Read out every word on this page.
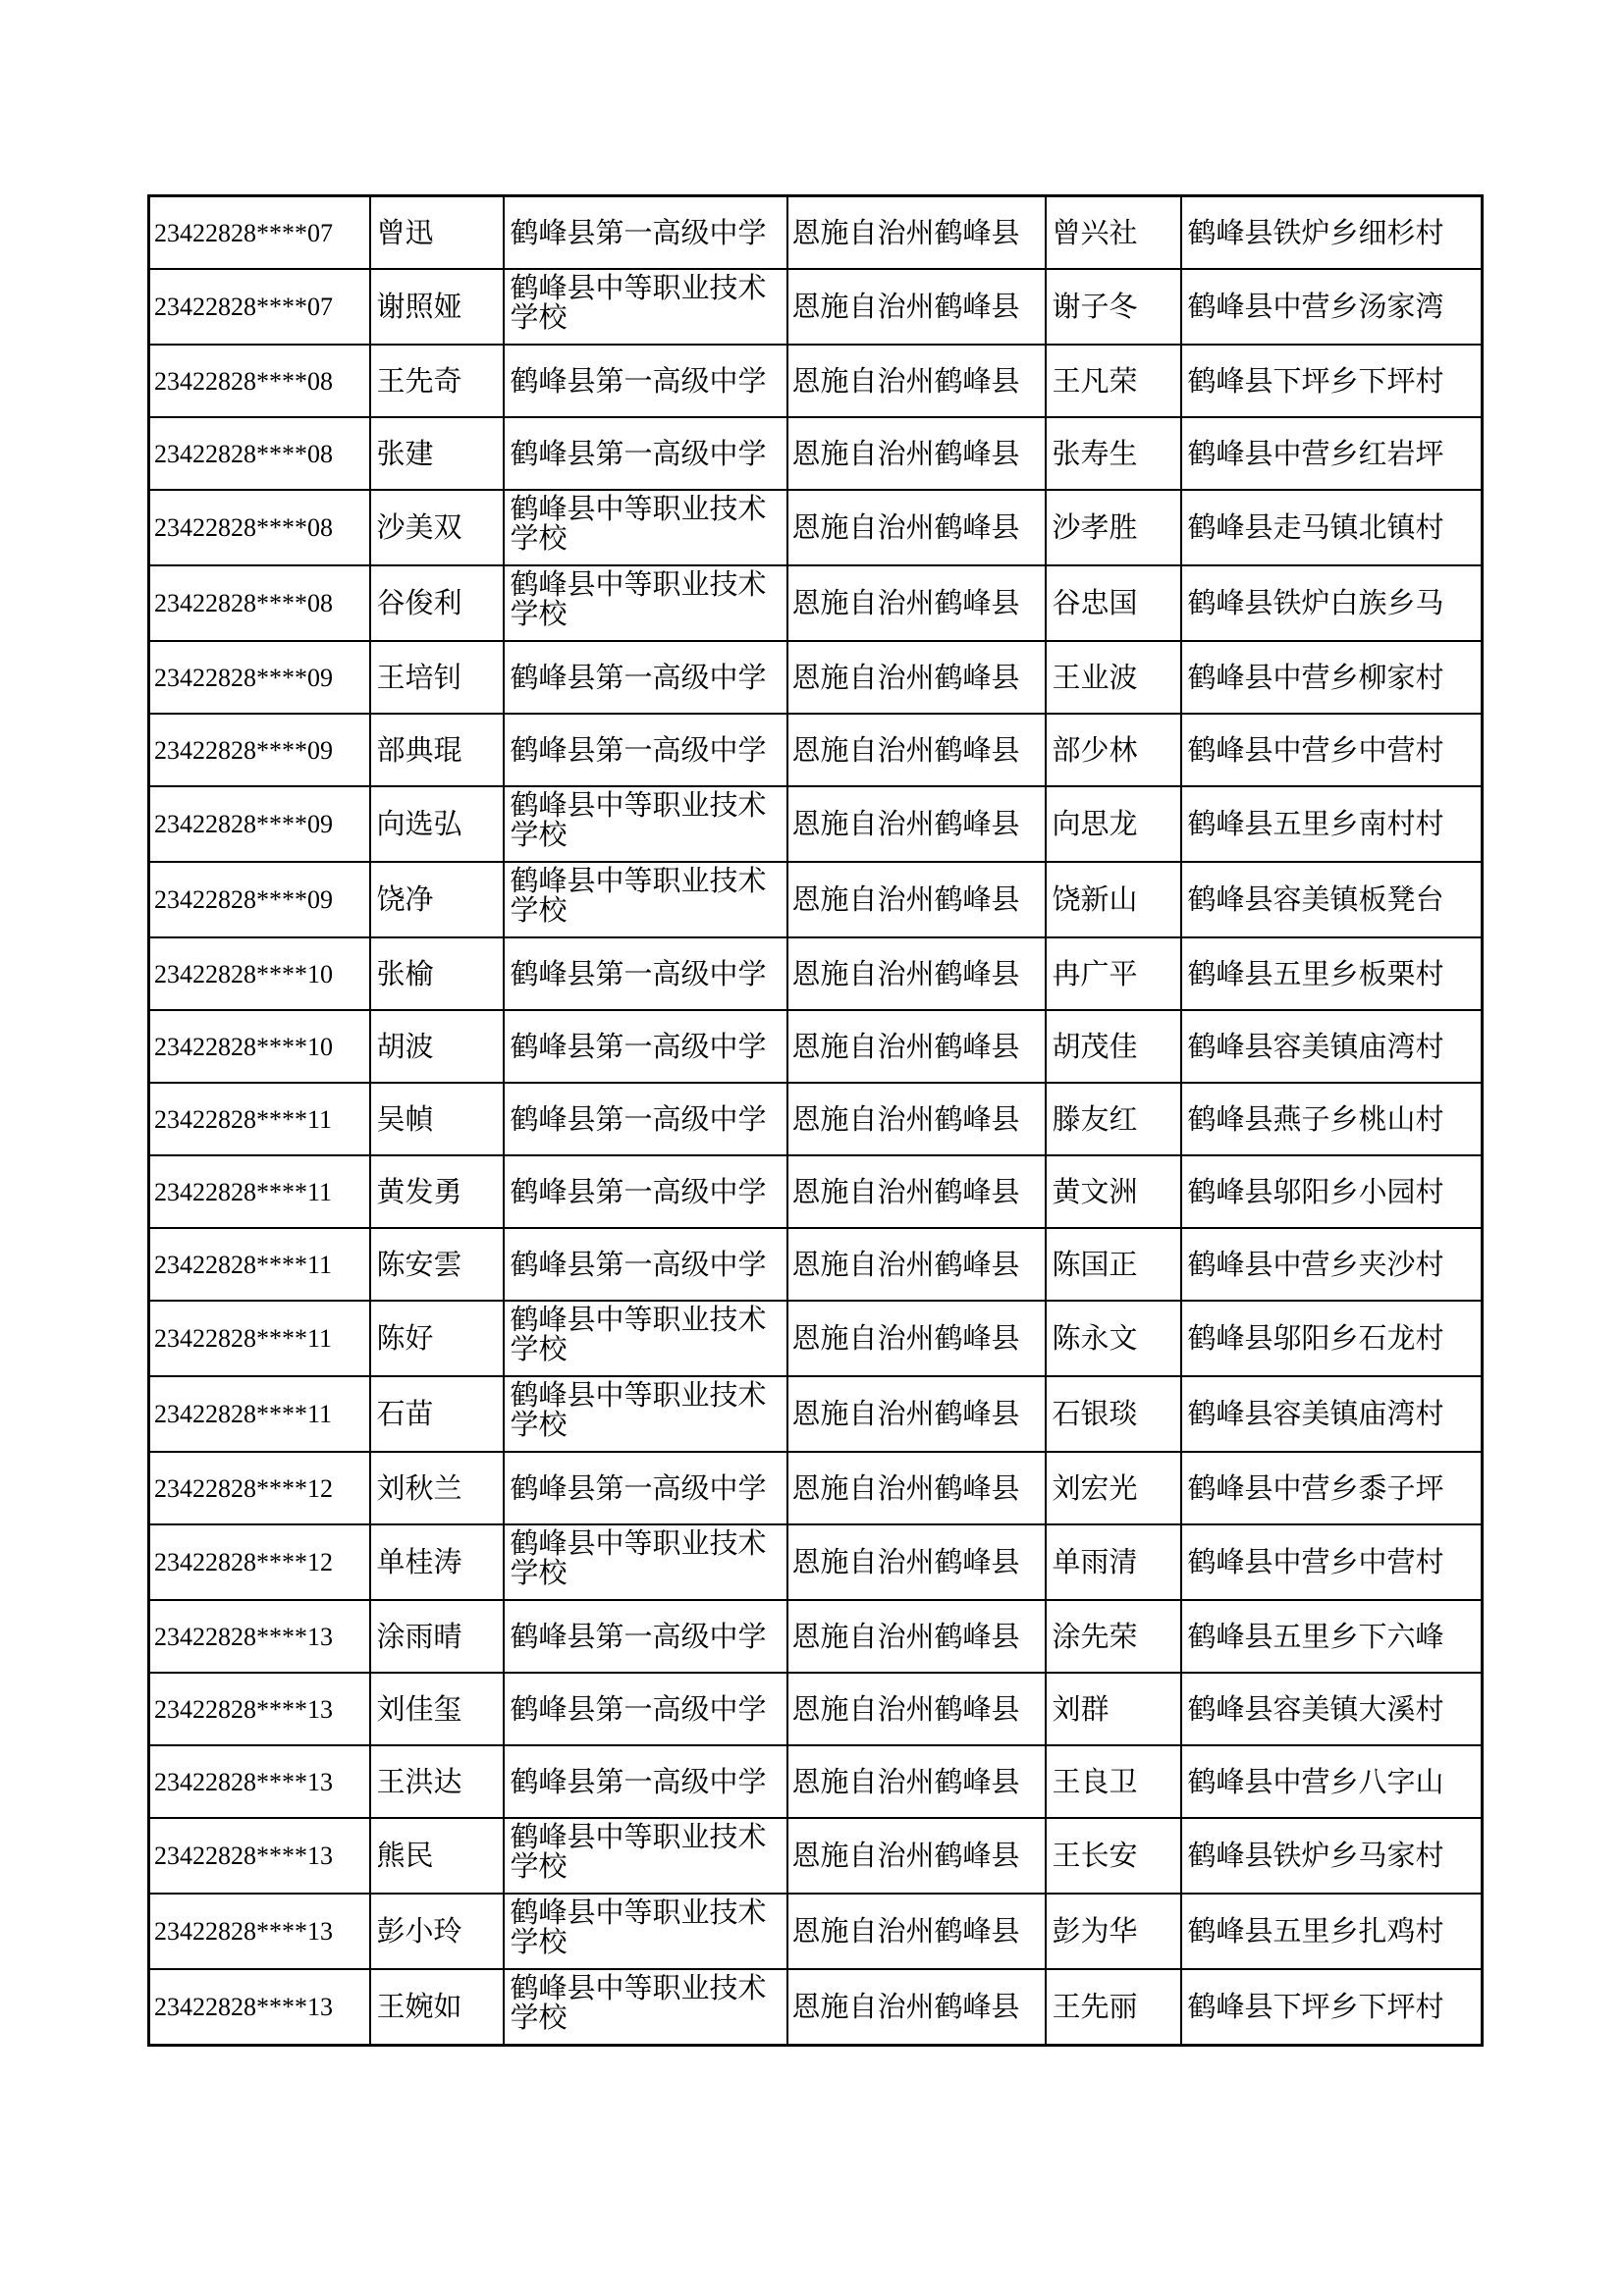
23422828****07	曾迅	鹤峰县第一高级中学	恩施自治州鹤峰县	曾兴社	鹤峰县铁炉乡细杉村
23422828****07	谢照娅	鹤峰县中等职业技术学校	恩施自治州鹤峰县	谢子冬	鹤峰县中营乡汤家湾
23422828****08	王先奇	鹤峰县第一高级中学	恩施自治州鹤峰县	王凡荣	鹤峰县下坪乡下坪村
23422828****08	张建	鹤峰县第一高级中学	恩施自治州鹤峰县	张寿生	鹤峰县中营乡红岩坪
23422828****08	沙美双	鹤峰县中等职业技术学校	恩施自治州鹤峰县	沙孝胜	鹤峰县走马镇北镇村
23422828****08	谷俊利	鹤峰县中等职业技术学校	恩施自治州鹤峰县	谷忠国	鹤峰县铁炉白族乡马
23422828****09	王培钊	鹤峰县第一高级中学	恩施自治州鹤峰县	王业波	鹤峰县中营乡柳家村
23422828****09	部典琨	鹤峰县第一高级中学	恩施自治州鹤峰县	部少林	鹤峰县中营乡中营村
23422828****09	向选弘	鹤峰县中等职业技术学校	恩施自治州鹤峰县	向思龙	鹤峰县五里乡南村村
23422828****09	饶净	鹤峰县中等职业技术学校	恩施自治州鹤峰县	饶新山	鹤峰县容美镇板凳台
23422828****10	张榆	鹤峰县第一高级中学	恩施自治州鹤峰县	冉广平	鹤峰县五里乡板栗村
23422828****10	胡波	鹤峰县第一高级中学	恩施自治州鹤峰县	胡茂佳	鹤峰县容美镇庙湾村
23422828****11	吴幀	鹤峰县第一高级中学	恩施自治州鹤峰县	滕友红	鹤峰县燕子乡桃山村
23422828****11	黄发勇	鹤峰县第一高级中学	恩施自治州鹤峰县	黄文洲	鹤峰县邬阳乡小园村
23422828****11	陈安雲	鹤峰县第一高级中学	恩施自治州鹤峰县	陈国正	鹤峰县中营乡夹沙村
23422828****11	陈好	鹤峰县中等职业技术学校	恩施自治州鹤峰县	陈永文	鹤峰县邬阳乡石龙村
23422828****11	石苗	鹤峰县中等职业技术学校	恩施自治州鹤峰县	石银琰	鹤峰县容美镇庙湾村
23422828****12	刘秋兰	鹤峰县第一高级中学	恩施自治州鹤峰县	刘宏光	鹤峰县中营乡黍子坪
23422828****12	单桂涛	鹤峰县中等职业技术学校	恩施自治州鹤峰县	单雨清	鹤峰县中营乡中营村
23422828****13	涂雨晴	鹤峰县第一高级中学	恩施自治州鹤峰县	涂先荣	鹤峰县五里乡下六峰
23422828****13	刘佳玺	鹤峰县第一高级中学	恩施自治州鹤峰县	刘群	鹤峰县容美镇大溪村
23422828****13	王洪达	鹤峰县第一高级中学	恩施自治州鹤峰县	王良卫	鹤峰县中营乡八字山
23422828****13	熊民	鹤峰县中等职业技术学校	恩施自治州鹤峰县	王长安	鹤峰县铁炉乡马家村
23422828****13	彭小玲	鹤峰县中等职业技术学校	恩施自治州鹤峰县	彭为华	鹤峰县五里乡扎鸡村
23422828****13	王婉如	鹤峰县中等职业技术学校	恩施自治州鹤峰县	王先丽	鹤峰县下坪乡下坪村
